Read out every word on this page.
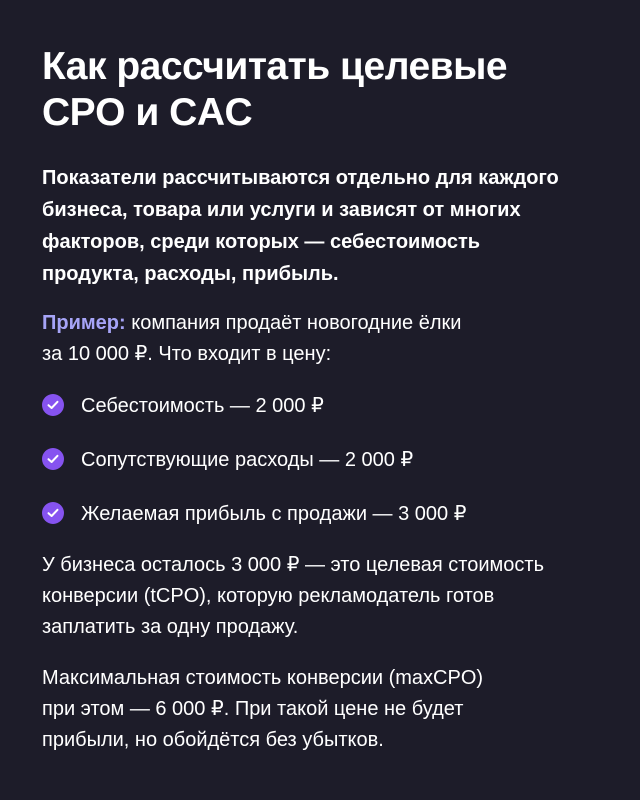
Как рассчитать целевые
CPO и CAC

Показатели рассчитываются отдельно для каждого
бизнеса, товара или услуги и зависят от многих
факторов, среди которых — себестоимость
продукта, расходы, прибыль.

Пример: компания продаёт новогодние ёлки
за 10 000 ₽. Что входит в цену:

Себестоимость — 2 000 ₽
Сопутствующие расходы — 2 000 ₽
Желаемая прибыль с продажи — 3 000 ₽

У бизнеса осталось 3 000 ₽ — это целевая стоимость
конверсии (tCPO), которую рекламодатель готов
заплатить за одну продажу.

Максимальная стоимость конверсии (maxCPO)
при этом — 6 000 ₽. При такой цене не будет
прибыли, но обойдётся без убытков.
